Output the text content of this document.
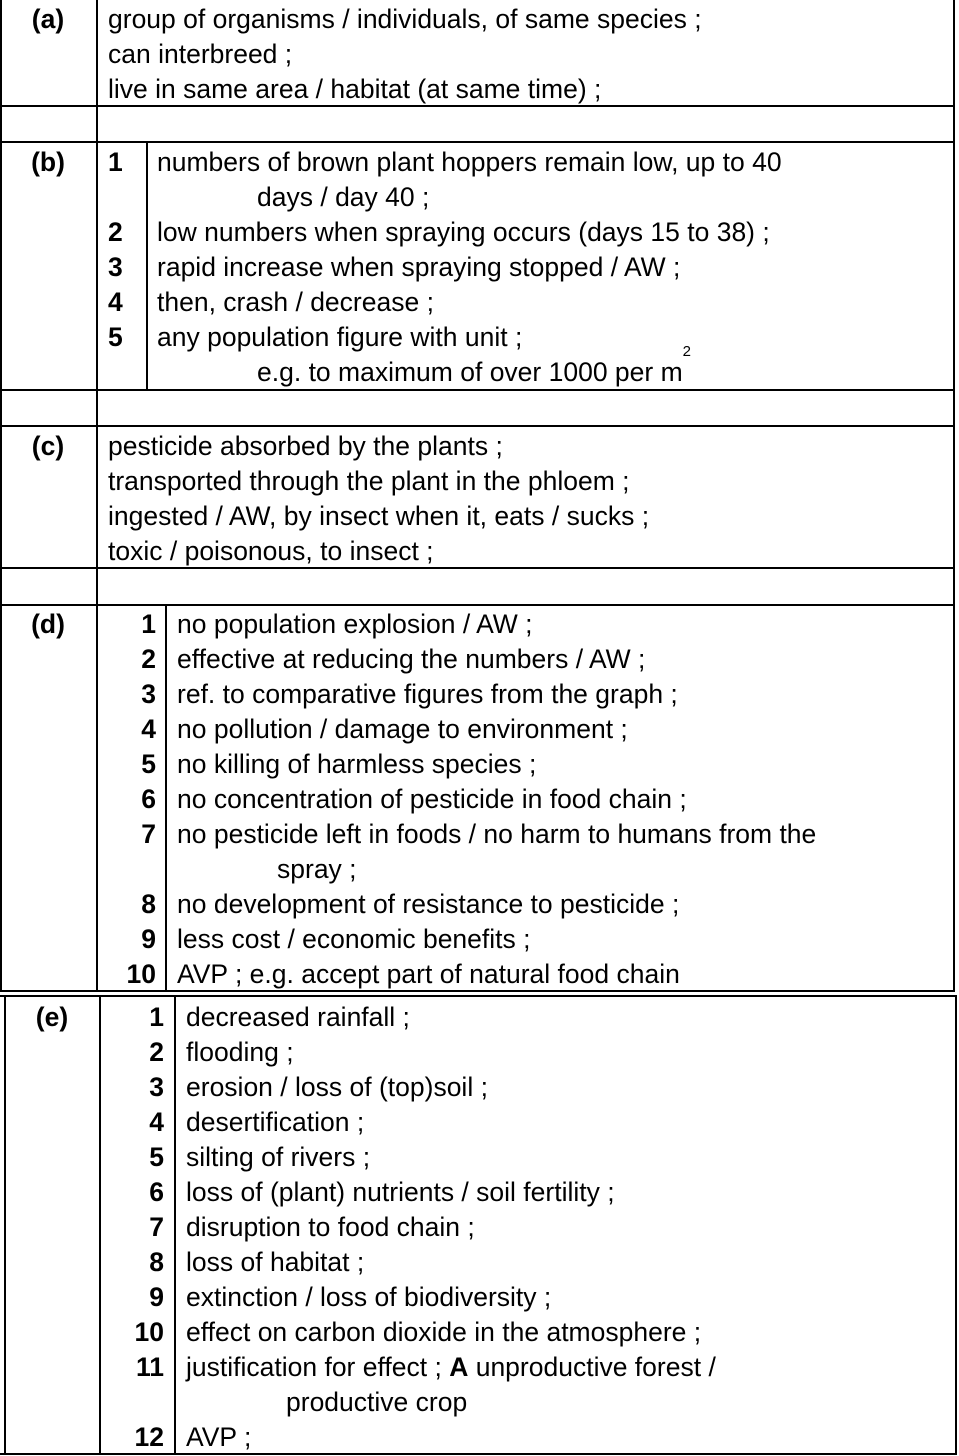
(a)	group of organisms / individuals, of same species ;
can interbreed ;
live in same area / habitat (at same time) ;
(b)	1 numbers of brown plant hoppers remain low, up to 40
days / day 40 ;
2 low numbers when spraying occurs (days 15 to 38) ;
3 rapid increase when spraying stopped / AW ;
4 then, crash / decrease ;
5 any population figure with unit ;
e.g. to maximum of over 1000 per $m^2$
(c)	pesticide absorbed by the plants ;
transported through the plant in the phloem ;
ingested / AW, by insect when it, eats / sucks ;
toxic / poisonous, to insect ;
(d)	1 no population explosion / AW ;
2 effective at reducing the numbers / AW ;
3 ref. to comparative figures from the graph ;
4 no pollution / damage to environment ;
5 no killing of harmless species ;
6 no concentration of pesticide in food chain ;
7 no pesticide left in foods / no harm to humans from the
spray ;
8 no development of resistance to pesticide ;
9 less cost / economic benefits ;
10 AVP ; e.g. accept part of natural food chain
(e)	1 decreased rainfall ;
2 flooding ;
3 erosion / loss of (top)soil ;
4 desertification ;
5 silting of rivers ;
6 loss of (plant) nutrients / soil fertility ;
7 disruption to food chain ;
8 loss of habitat ;
9 extinction / loss of biodiversity ;
10 effect on carbon dioxide in the atmosphere ;
11 justification for effect ; A unproductive forest /
productive crop
12 AVP ;
